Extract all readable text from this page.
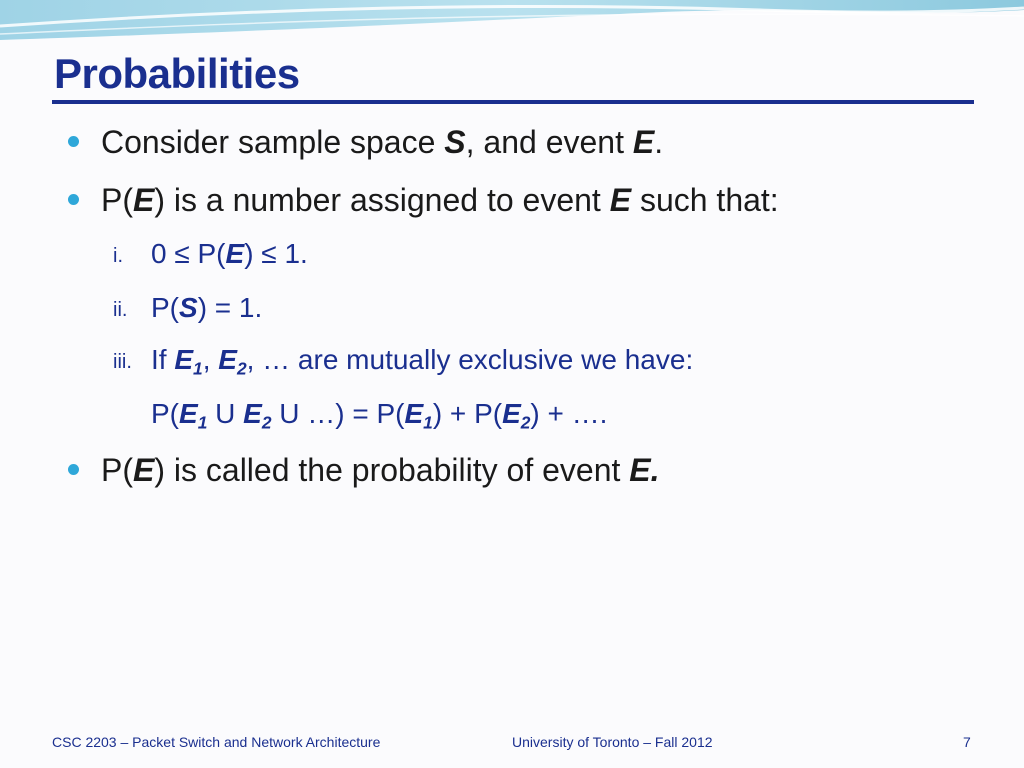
Probabilities
Consider sample space S, and event E.
P(E) is a number assigned to event E such that:
i. 0 ≤ P(E) ≤ 1.
ii. P(S) = 1.
iii. If $E_1$, $E_2$, … are mutually exclusive we have:
$P(E_1$ U $E_2$ U …) = $P(E_1) + P(E_2)$ + ….
P(E) is called the probability of event E.
CSC 2203 – Packet Switch and Network Architecture	University of Toronto – Fall 2012	7
